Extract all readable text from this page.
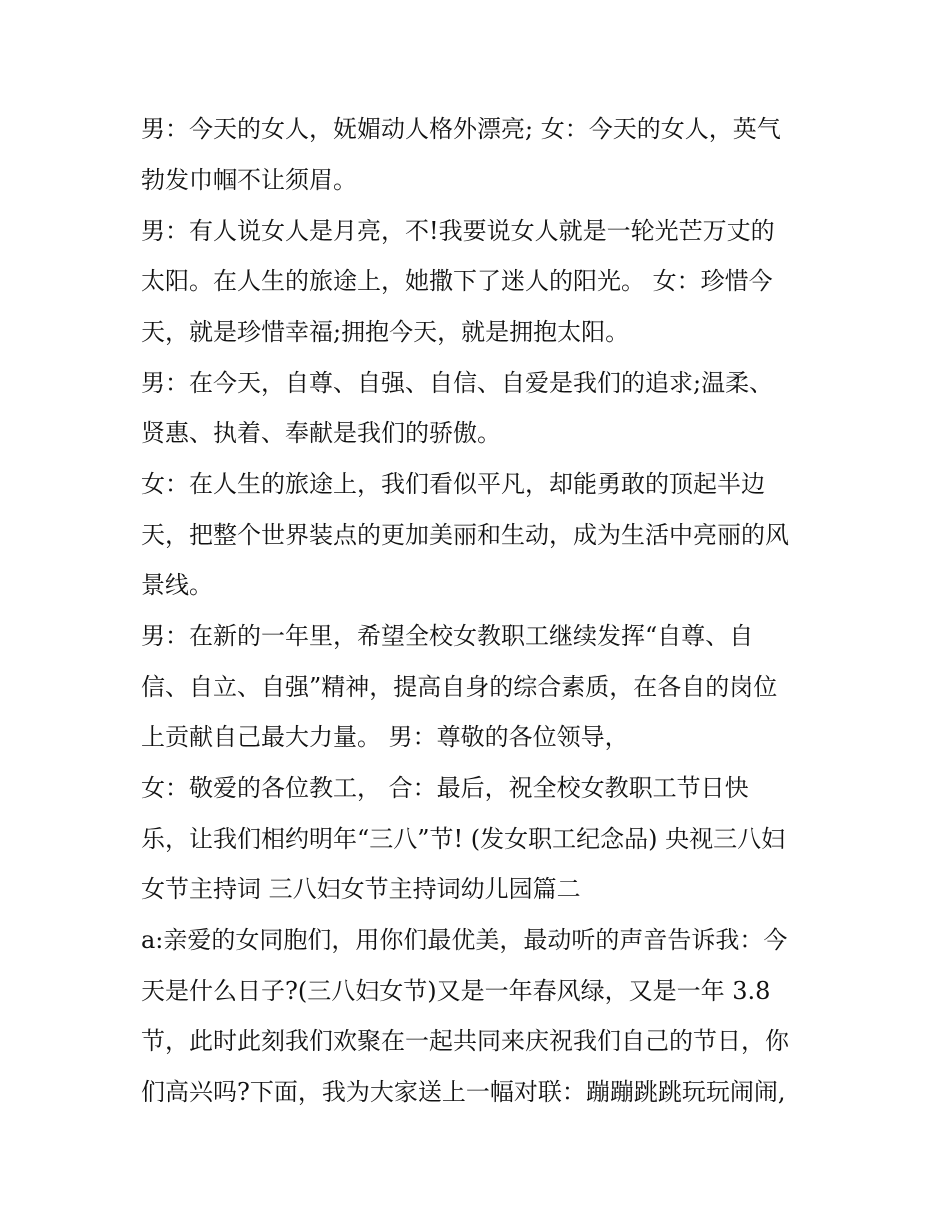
男：今天的女人，妩媚动人格外漂亮; 女：今天的女人，英气

勃发巾帼不让须眉。

男：有人说女人是月亮，不!我要说女人就是一轮光芒万丈的

太阳。在人生的旅途上，她撒下了迷人的阳光。 女：珍惜今

天，就是珍惜幸福;拥抱今天，就是拥抱太阳。

男：在今天，自尊、自强、自信、自爱是我们的追求;温柔、

贤惠、执着、奉献是我们的骄傲。

女：在人生的旅途上，我们看似平凡，却能勇敢的顶起半边

天，把整个世界装点的更加美丽和生动，成为生活中亮丽的风

景线。

男：在新的一年里，希望全校女教职工继续发挥“自尊、自

信、自立、自强”精神，提高自身的综合素质，在各自的岗位

上贡献自己最大力量。 男：尊敬的各位领导，

女：敬爱的各位教工， 合：最后，祝全校女教职工节日快

乐，让我们相约明年“三八”节! (发女职工纪念品) 央视三八妇

女节主持词 三八妇女节主持词幼儿园篇二

a:亲爱的女同胞们，用你们最优美，最动听的声音告诉我：今

天是什么日子?(三八妇女节)又是一年春风绿，又是一年 3.8

节，此时此刻我们欢聚在一起共同来庆祝我们自己的节日，你

们高兴吗?下面，我为大家送上一幅对联：蹦蹦跳跳玩玩闹闹,
